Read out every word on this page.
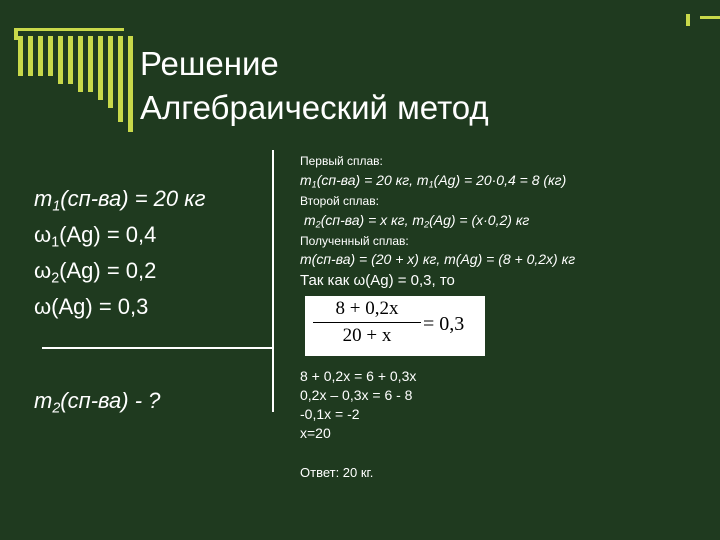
Решение
Алгебраический метод
$m_1(сп-ва) = 20$ кг
$\omega_1(Ag) = 0,4$
$\omega_2(Ag) = 0,2$
ω(Ag) = 0,3
$m_2(сп-ва)$ - ?
Первый сплав:
$m_1(сп-ва) = 20$ кг, $m_1(Ag) = 20\cdot 0,4 = 8$ (кг)
Второй сплав:
$m_2(сп-ва) = x$ кг, $m_2(Ag) = (x\cdot 0,2)$ кг
Полученный сплав:
m(сп-ва) = (20 + x) кг, m(Ag) = (8 + 0,2x) кг
Так как ω(Ag) = 0,3, то
$\frac{8 + 0,2x}{20 + x} = 0,3$
8 + 0,2x = 6 + 0,3x
0,2x – 0,3x = 6 - 8
-0,1x = -2
x=20
Ответ: 20 кг.
